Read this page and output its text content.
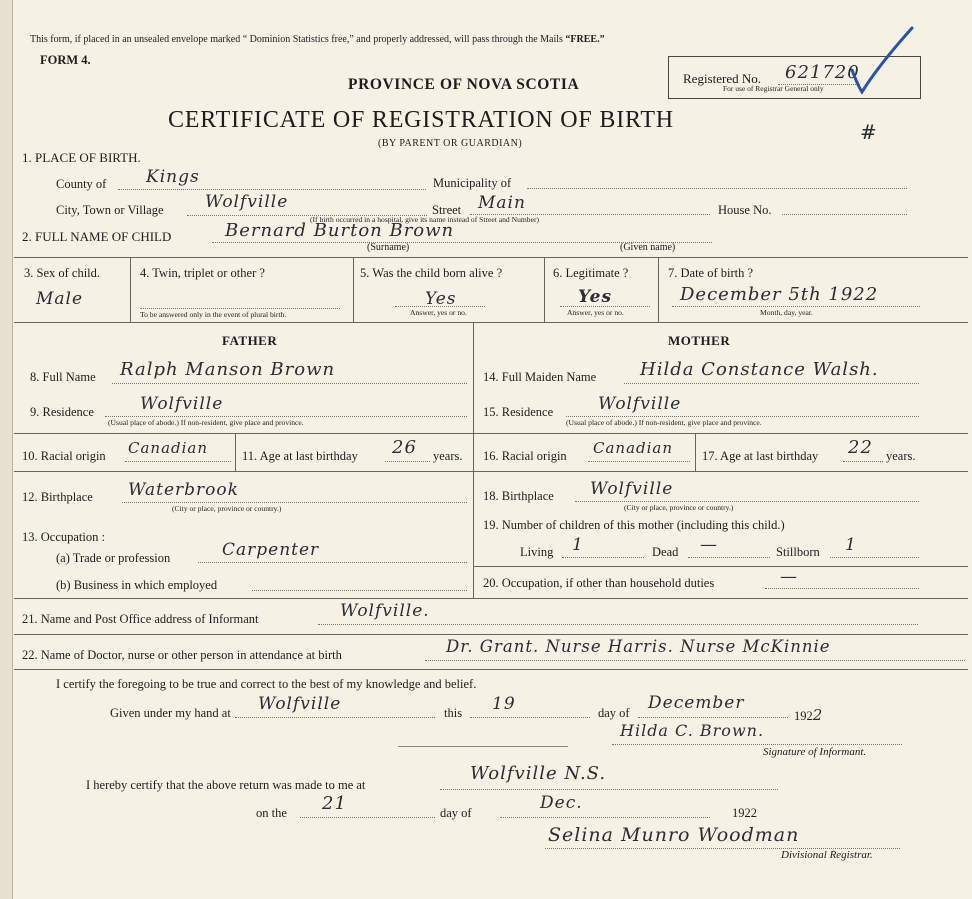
This form, if placed in an unsealed envelope marked “ Dominion Statistics free,” and properly addressed, will pass through the Mails “FREE.”
FORM 4.
PROVINCE OF NOVA SCOTIA	Registered No. 621720
For use of Registrar General only
CERTIFICATE OF REGISTRATION OF BIRTH
(BY PARENT OR GUARDIAN)	#
1. PLACE OF BIRTH.
County of Kings	Municipality of
City, Town or Village Wolfville	Street Main	House No.
(If birth occurred in a hospital, give its name instead of Street and Number)
2. FULL NAME OF CHILD	Bernard Burton Brown
(Surname)	(Given name)
3. Sex of child.
Male
4. Twin, triplet or other ?
To be answered only in the event of plural birth.
5. Was the child born alive ?
Yes
Answer, yes or no.
6. Legitimate ?
Yes
Answer, yes or no.
7. Date of birth ?
December 5th 1922
Month, day, year.
FATHER	MOTHER
8. Full Name Ralph Manson Brown
9. Residence	Wolfville
(Usual place of abode.) If non-resident, give place and province.
10. Racial origin Canadian	11. Age at last birthday 26 years.
12. Birthplace Waterbrook
(City or place, province or country.)
13. Occupation :
(a) Trade or profession	Carpenter
(b) Business in which employed
14. Full Maiden Name Hilda Constance Walsh.
15. Residence	Wolfville
(Usual place of abode.) If non-resident, give place and province.
16. Racial origin Canadian 17. Age at last birthday 22 years.
18. Birthplace Wolfville
(City or place, province or country.)
19. Number of children of this mother (including this child.)
Living 1	Dead —	Stillborn 1
20. Occupation, if other than household duties	—
21. Name and Post Office address of Informant	Wolfville.
22. Name of Doctor, nurse or other person in attendance at birth	Dr. Grant. Nurse Harris. Nurse McKinnie
I certify the foregoing to be true and correct to the best of my knowledge and belief.
Given under my hand at Wolfville	this 19	day of December
1922
Hilda C. Brown.
Signature of Informant.
I hereby certify that the above return was made to me at
Wolfville N.S.
on the 21	day of	Dec.	1922
Selina Munro Woodman
Divisional Registrar.
